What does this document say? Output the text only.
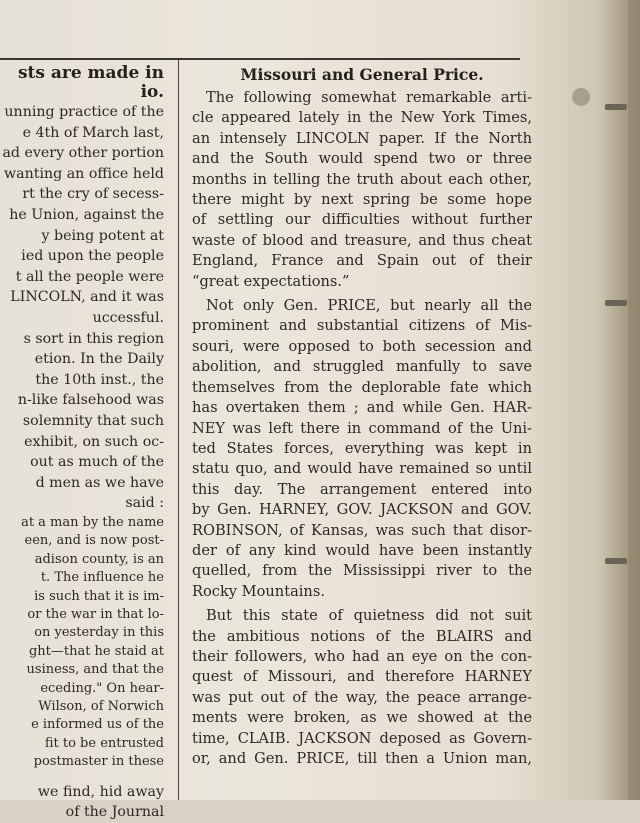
sts are made in
io.
unning practice of the
e 4th of March last,
ad every other portion
wanting an office held
rt the cry of secess-
he Union, against the
y being potent at
ied upon the people
t all the people were
LINCOLN, and it was
uccessful.
s sort in this region
etion. In the Daily
the 10th inst., the
n-like falsehood was
solemnity that such
exhibit, on such oc-
out as much of the
d men as we have
said :
at a man by the name
een, and is now post-
adison county, is an
t. The influence he
is such that it is im-
or the war in that lo-
on yesterday in this
ght—that he staid at
usiness, and that the
eceding." On hear-
Wilson, of Norwich
e informed us of the
fit to be entrusted
postmaster in these
we find, hid away
of the Journal
Missouri and General Price.
The following somewhat remarkable arti-
cle appeared lately in the New York Times,
an intensely LINCOLN paper. If the North
and the South would spend two or three
months in telling the truth about each other,
there might by next spring be some hope
of settling our difficulties without further
waste of blood and treasure, and thus cheat
England, France and Spain out of their
“great expectations.”
Not only Gen. PRICE, but nearly all the
prominent and substantial citizens of Mis-
souri, were opposed to both secession and
abolition, and struggled manfully to save
themselves from the deplorable fate which
has overtaken them ; and while Gen. HAR-
NEY was left there in command of the Uni-
ted States forces, everything was kept in
statu quo, and would have remained so until
this day. The arrangement entered into
by Gen. HARNEY, GOV. JACKSON and GOV.
ROBINSON, of Kansas, was such that disor-
der of any kind would have been instantly
quelled, from the Mississippi river to the
Rocky Mountains.
But this state of quietness did not suit
the ambitious notions of the BLAIRS and
their followers, who had an eye on the con-
quest of Missouri, and therefore HARNEY
was put out of the way, the peace arrange-
ments were broken, as we showed at the
time, CLAIB. JACKSON deposed as Govern-
or, and Gen. PRICE, till then a Union man,
